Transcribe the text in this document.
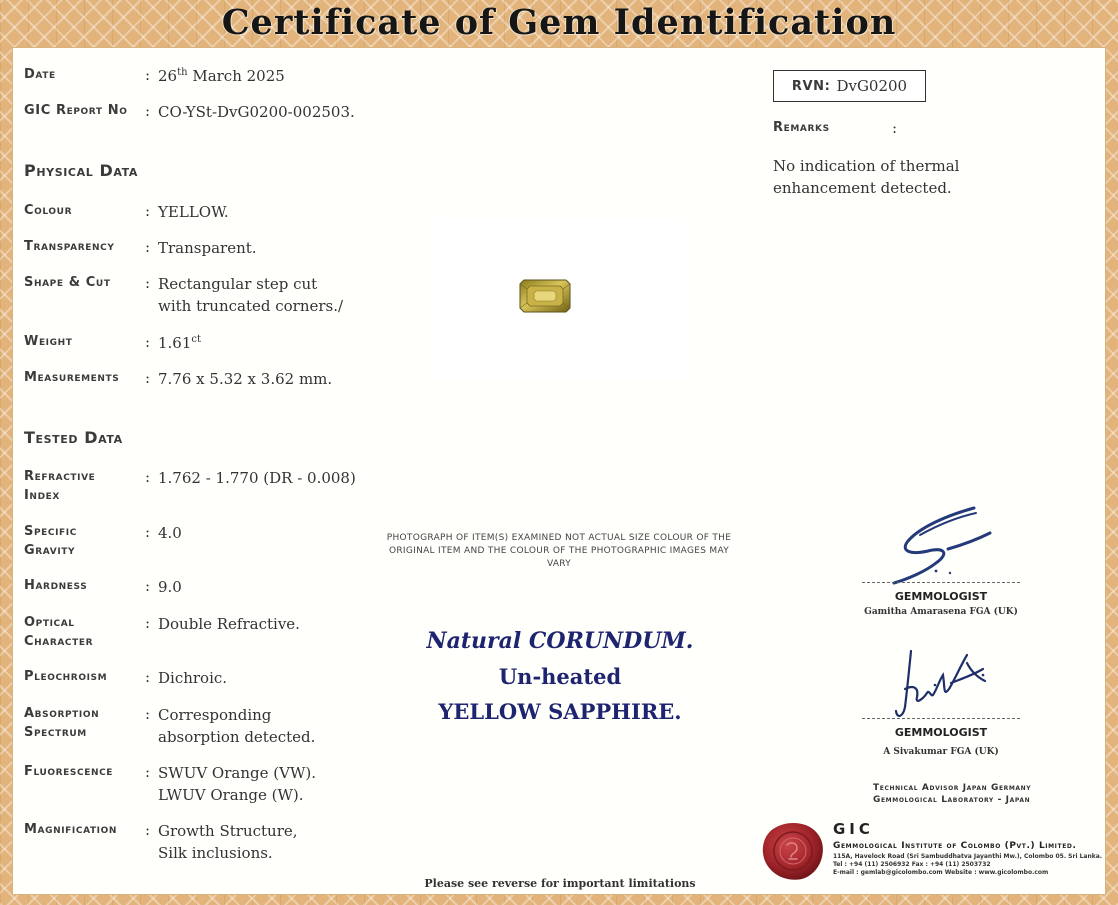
Certificate of Gem Identification
Date	: 26th March 2025
GIC Report No	: CO-YSt-DvG0200-002503.
Physical Data
Colour	: YELLOW.
Transparency	: Transparent.
Shape & Cut	: Rectangular step cut with truncated corners./
Weight	: $1.61^{ct}$
Measurements	: 7.76 x 5.32 x 3.62 mm.
Tested Data
Refractive Index
: 1.762 - 1.770 (DR - 0.008)
Specific Gravity
: 4.0
Hardness	: 9.0
Optical Character
: Double Refractive.
Pleochroism	: Dichroic.
Absorption Spectrum
: Corresponding absorption detected.
Fluorescence	: SWUV Orange (VW). LWUV Orange (W).
Magnification	: Growth Structure, Silk inclusions.
PHOTOGRAPH OF ITEM(S) EXAMINED NOT ACTUAL SIZE COLOUR OF THE ORIGINAL ITEM AND THE COLOUR OF THE PHOTOGRAPHIC IMAGES MAY VARY
Natural CORUNDUM.
Un-heated
YELLOW SAPPHIRE.
RVN: DvG0200
Remarks	:
No indication of thermal enhancement detected.
GEMMOLOGIST
Gamitha Amarasena FGA (UK)
GEMMOLOGIST
A Sivakumar FGA (UK)
Technical Advisor Japan Germany
Gemmological Laboratory - Japan
GIC
Gemmological Institute of Colombo (Pvt.) Limited.
115A, Havelock Road (Sri Sambuddhatva Jayanthi Mw.), Colombo 05. Sri Lanka.
Tel : +94 (11) 2506932 Fax : +94 (11) 2503732
E-mail : gemlab@gicolombo.com Website : www.gicolombo.com
Please see reverse for important limitations
